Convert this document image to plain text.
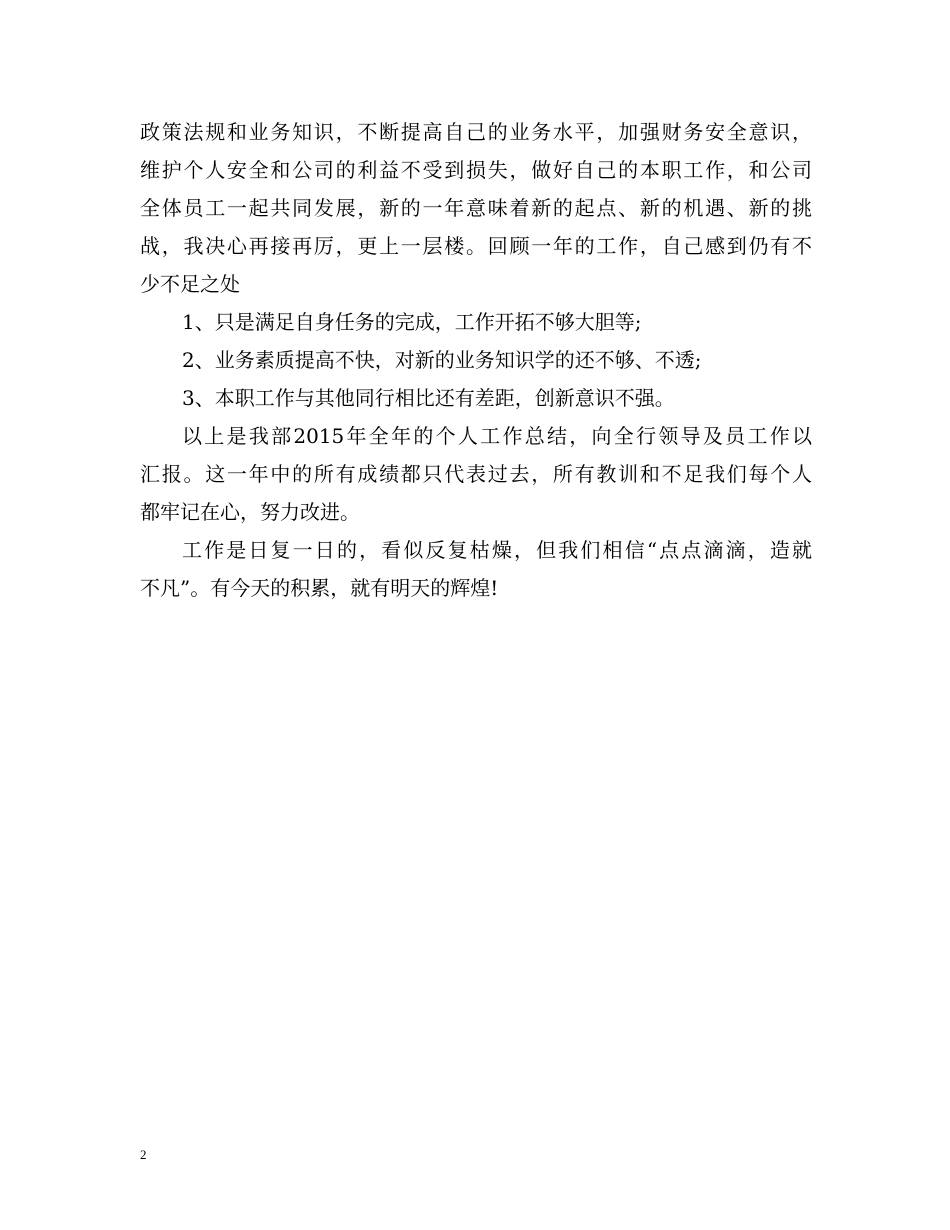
政策法规和业务知识，不断提高自己的业务水平，加强财务安全意识，
维护个人安全和公司的利益不受到损失，做好自己的本职工作，和公司
全体员工一起共同发展，新的一年意味着新的起点、新的机遇、新的挑
战，我决心再接再厉，更上一层楼。回顾一年的工作，自己感到仍有不
少不足之处
1、只是满足自身任务的完成，工作开拓不够大胆等;
2、业务素质提高不快，对新的业务知识学的还不够、不透;
3、本职工作与其他同行相比还有差距，创新意识不强。
以上是我部2015年全年的个人工作总结，向全行领导及员工作以
汇报。这一年中的所有成绩都只代表过去，所有教训和不足我们每个人
都牢记在心，努力改进。
工作是日复一日的，看似反复枯燥，但我们相信“点点滴滴，造就
不凡”。有今天的积累，就有明天的辉煌!
2
